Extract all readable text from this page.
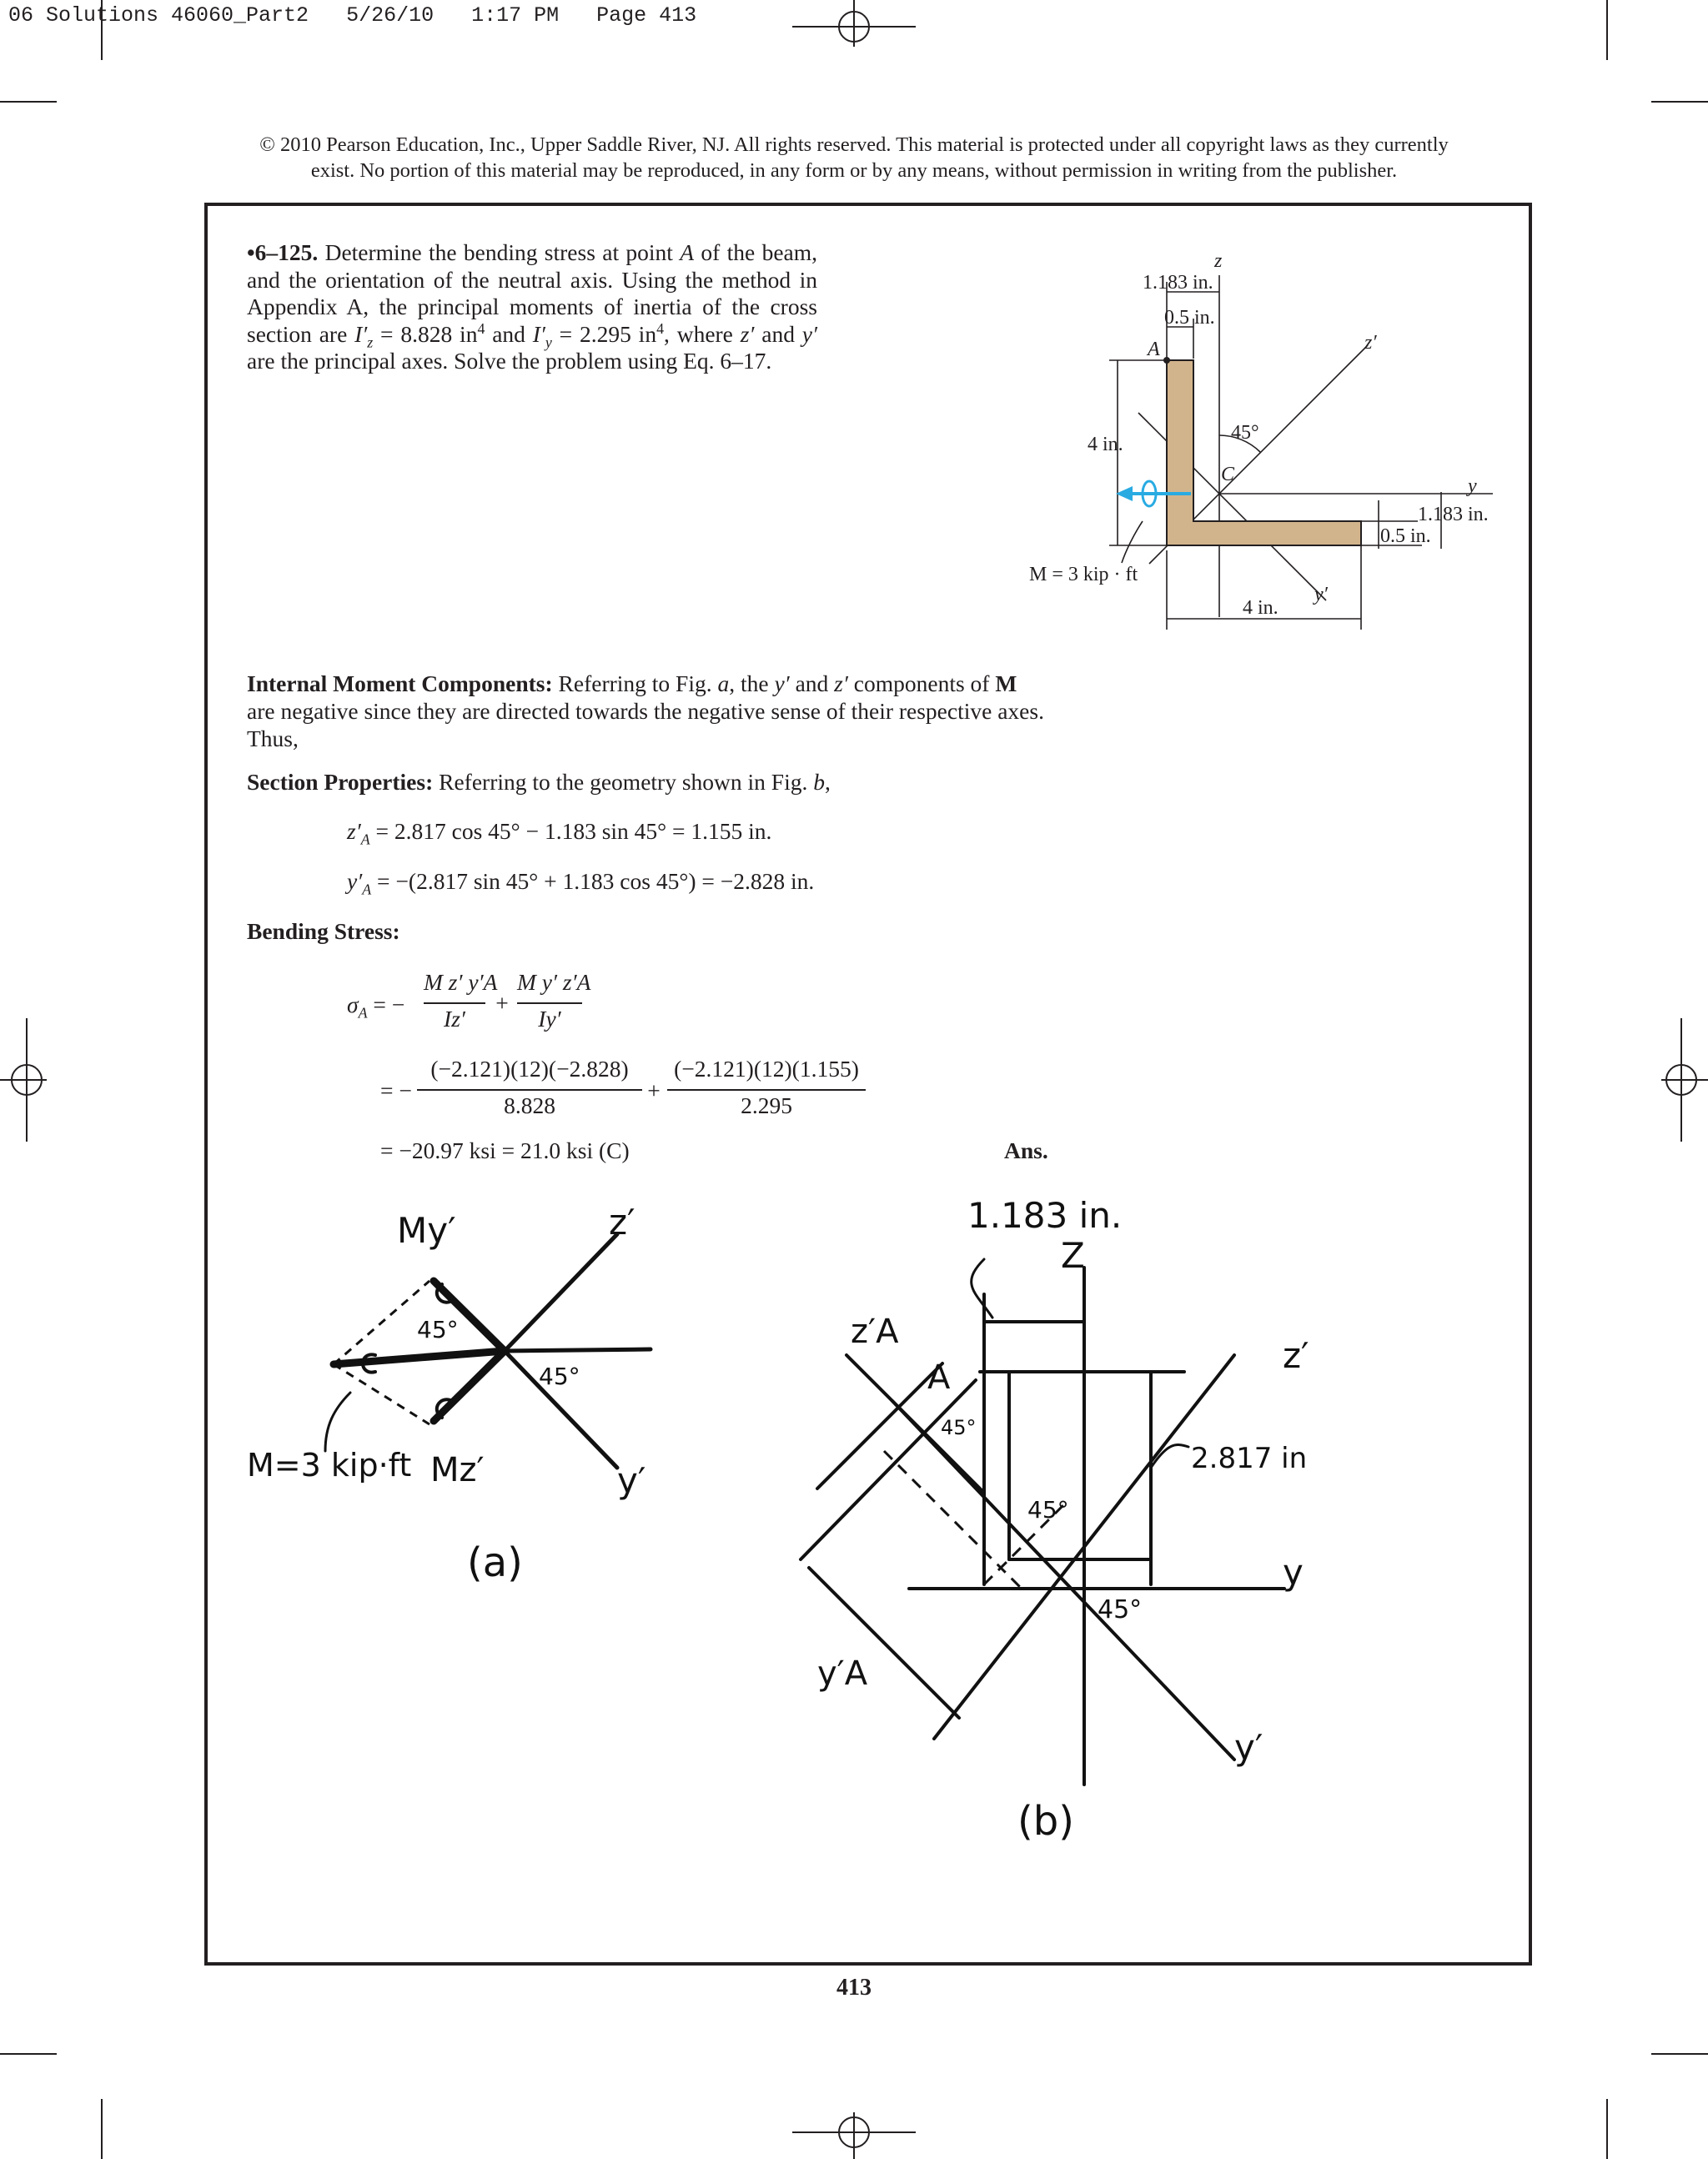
06 Solutions 46060_Part2   5/26/10   1:17 PM   Page 413
© 2010 Pearson Education, Inc., Upper Saddle River, NJ. All rights reserved. This material is protected under all copyright laws as they currently
exist. No portion of this material may be reproduced, in any form or by any means, without permission in writing from the publisher.
•6–125. Determine the bending stress at point A of the beam, and the orientation of the neutral axis. Using the method in Appendix A, the principal moments of inertia of the cross section are $I'_z = 8.828$ $in^4$ and $I'_y = 2.295$ $in^4$, where z′ and y′ are the principal axes. Solve the problem using Eq. 6–17.
z
1.183 in.
0.5 in.
A	z′
45°
4 in.
C
y
1.183 in.
0.5 in.
M = 3 kip · ft
y′
4 in.
Internal Moment Components: Referring to Fig. a, the y′ and z′ components of M are negative since they are directed towards the negative sense of their respective axes. Thus,
Section Properties: Referring to the geometry shown in Fig. b,
$z'_A = 2.817$ cos 45° − 1.183 sin 45° = 1.155 in.
$y'_A = -(2.817$ sin 45° + 1.183 cos 45°) = −2.828 in.
Bending Stress:
$\sigma_A$ = −
M z′ y′A
Iz′
+
M y′ z′A
Iy′
= −
(−2.121)(12)(−2.828)
8.828
+
(−2.121)(12)(1.155)
2.295
= −20.97 ksi = 21.0 ksi (C)	Ans.
My′	z′
45°
45°
M=3 kip·ft Mz′	y′
(a)
1.183 in.
Z
z′A
A
45°
z′
2.817 in
45°
y
45°
y′A
y′
(b)
413
